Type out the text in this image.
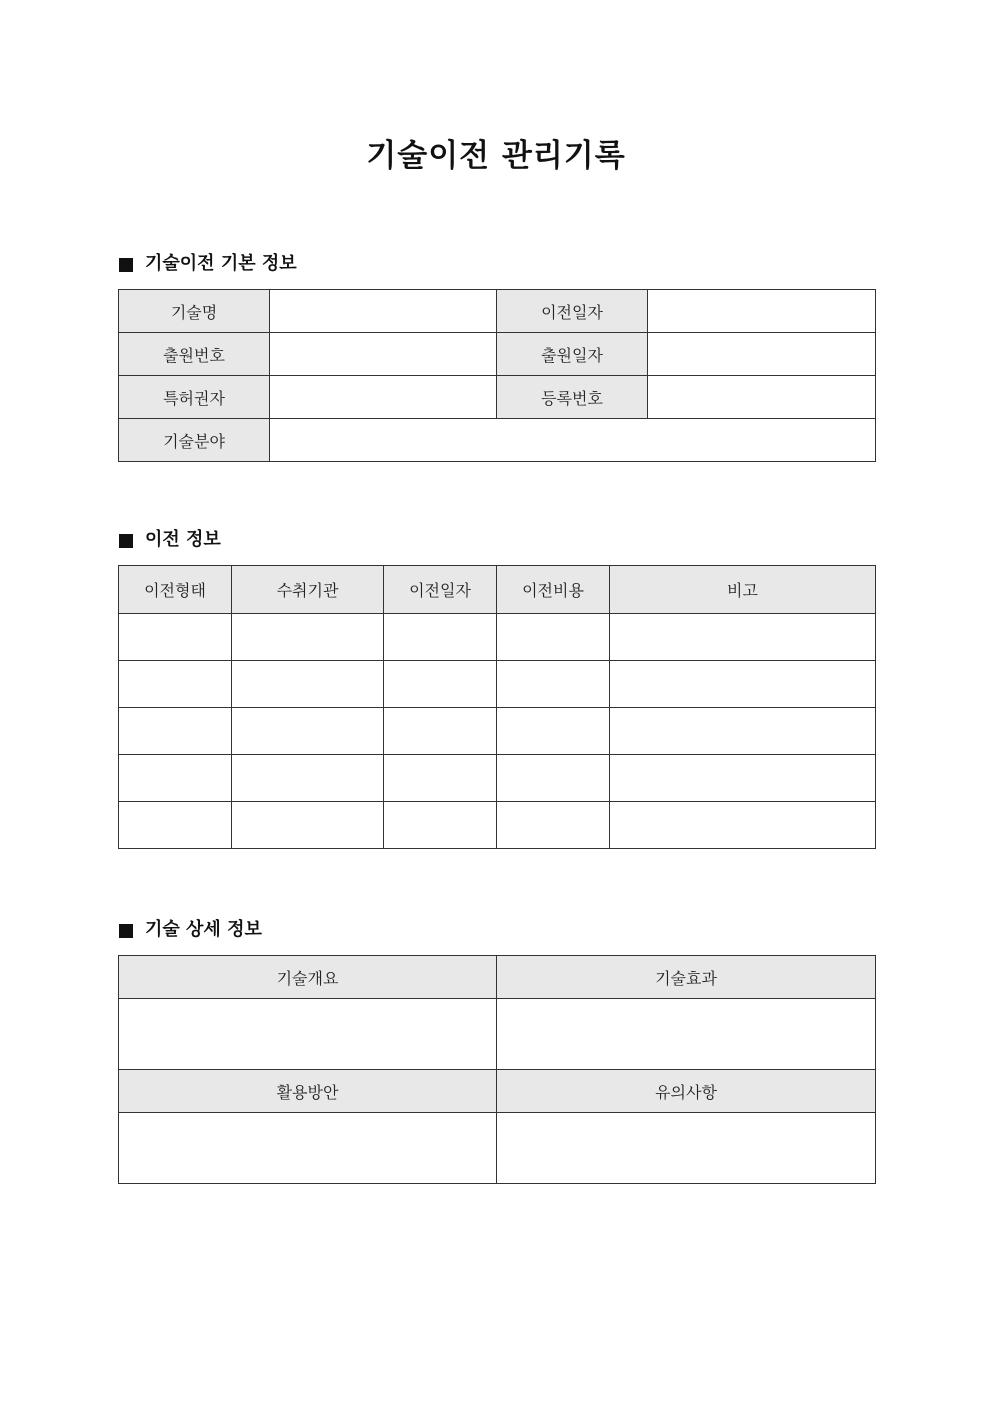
기술이전 관리기록
기술이전 기본 정보
기술명		이전일자	
출원번호		출원일자	
특허권자		등록번호	
기술분야			
이전 정보
이전형태	수취기관	이전일자	이전비용	비고

기술 상세 정보
기술개요	기술효과

활용방안	유의사항
